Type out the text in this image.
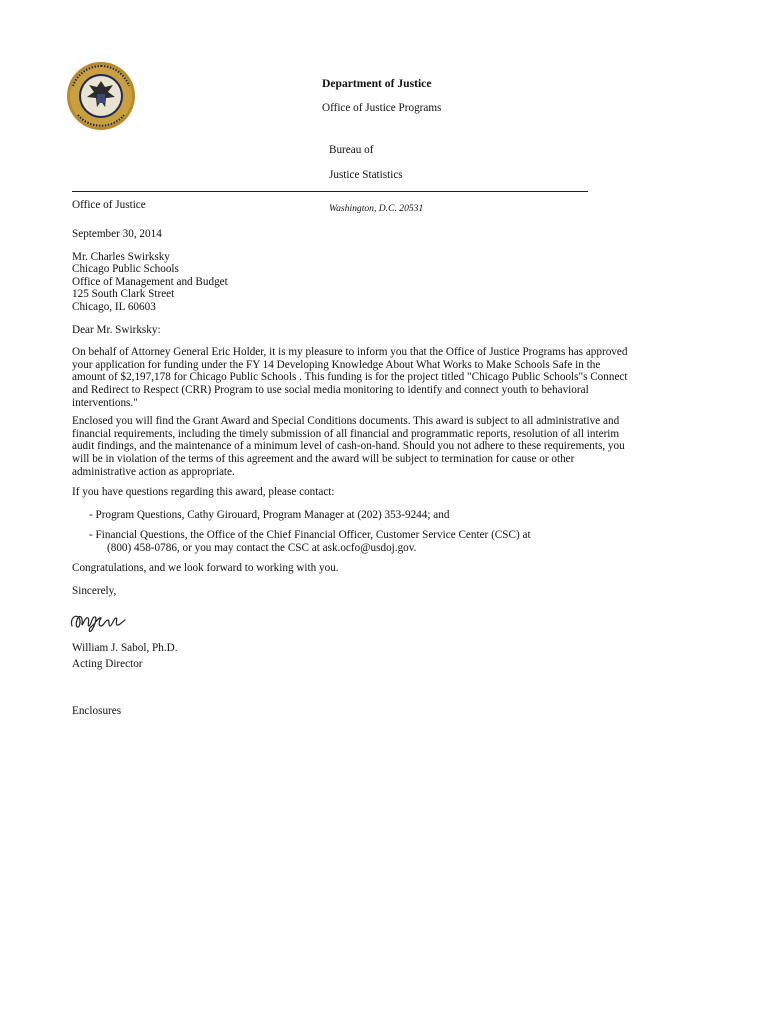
Department of Justice
Office of Justice Programs
Bureau of
Justice Statistics
Office of Justice	Washington, D.C. 20531

September 30, 2014

Mr. Charles Swirksky
Chicago Public Schools
Office of Management and Budget
125 South Clark Street
Chicago, IL 60603

Dear Mr. Swirksky:

On behalf of Attorney General Eric Holder, it is my pleasure to inform you that the Office of Justice Programs has approved your application for funding under the FY 14 Developing Knowledge About What Works to Make Schools Safe in the amount of $2,197,178 for Chicago Public Schools . This funding is for the project titled "Chicago Public Schools"s Connect and Redirect to Respect (CRR) Program to use social media monitoring to identify and connect youth to behavioral interventions."

Enclosed you will find the Grant Award and Special Conditions documents. This award is subject to all administrative and financial requirements, including the timely submission of all financial and programmatic reports, resolution of all interim audit findings, and the maintenance of a minimum level of cash-on-hand. Should you not adhere to these requirements, you will be in violation of the terms of this agreement and the award will be subject to termination for cause or other administrative action as appropriate.

If you have questions regarding this award, please contact:

- Program Questions, Cathy Girouard, Program Manager at (202) 353-9244; and

- Financial Questions, the Office of the Chief Financial Officer, Customer Service Center (CSC) at
(800) 458-0786, or you may contact the CSC at ask.ocfo@usdoj.gov.

Congratulations, and we look forward to working with you.

Sincerely,

William J. Sabol, Ph.D.

Acting Director

Enclosures
